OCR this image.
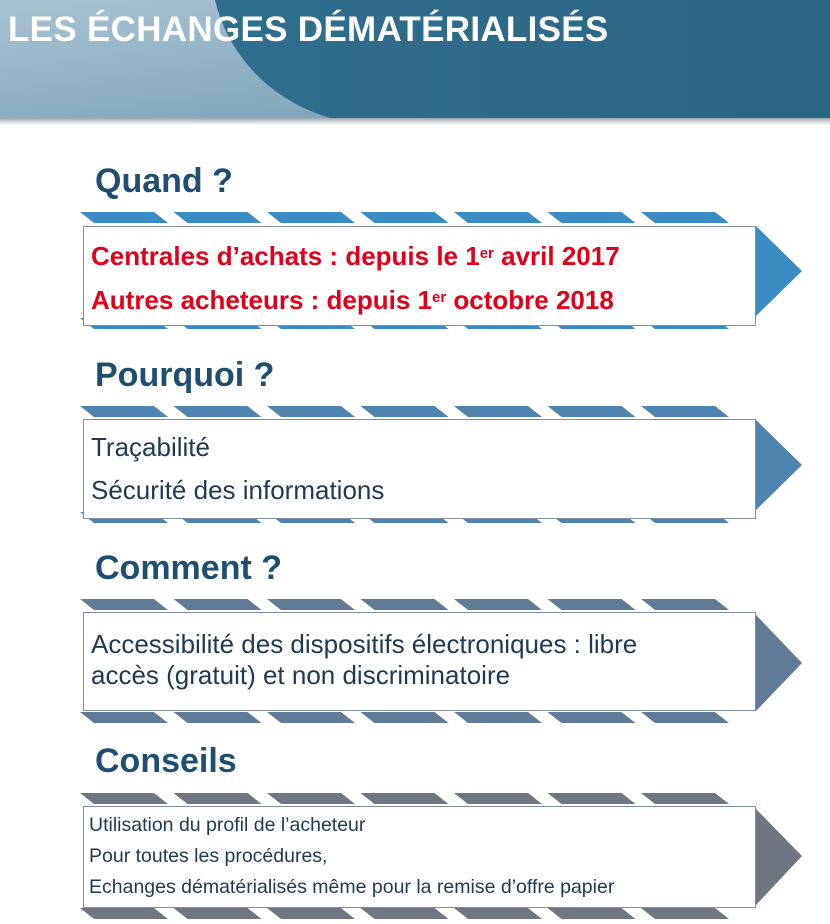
LES ÉCHANGES DÉMATÉRIALISÉS
Quand ?
Centrales d’achats : depuis le 1er avril 2017
Autres acheteurs : depuis 1er octobre 2018
Pourquoi ?
Traçabilité
Sécurité des informations
Comment ?
Accessibilité des dispositifs électroniques : libre
accès (gratuit) et non discriminatoire
Conseils
Utilisation du profil de l’acheteur
Pour toutes les procédures,
Echanges dématérialisés même pour la remise d’offre papier
